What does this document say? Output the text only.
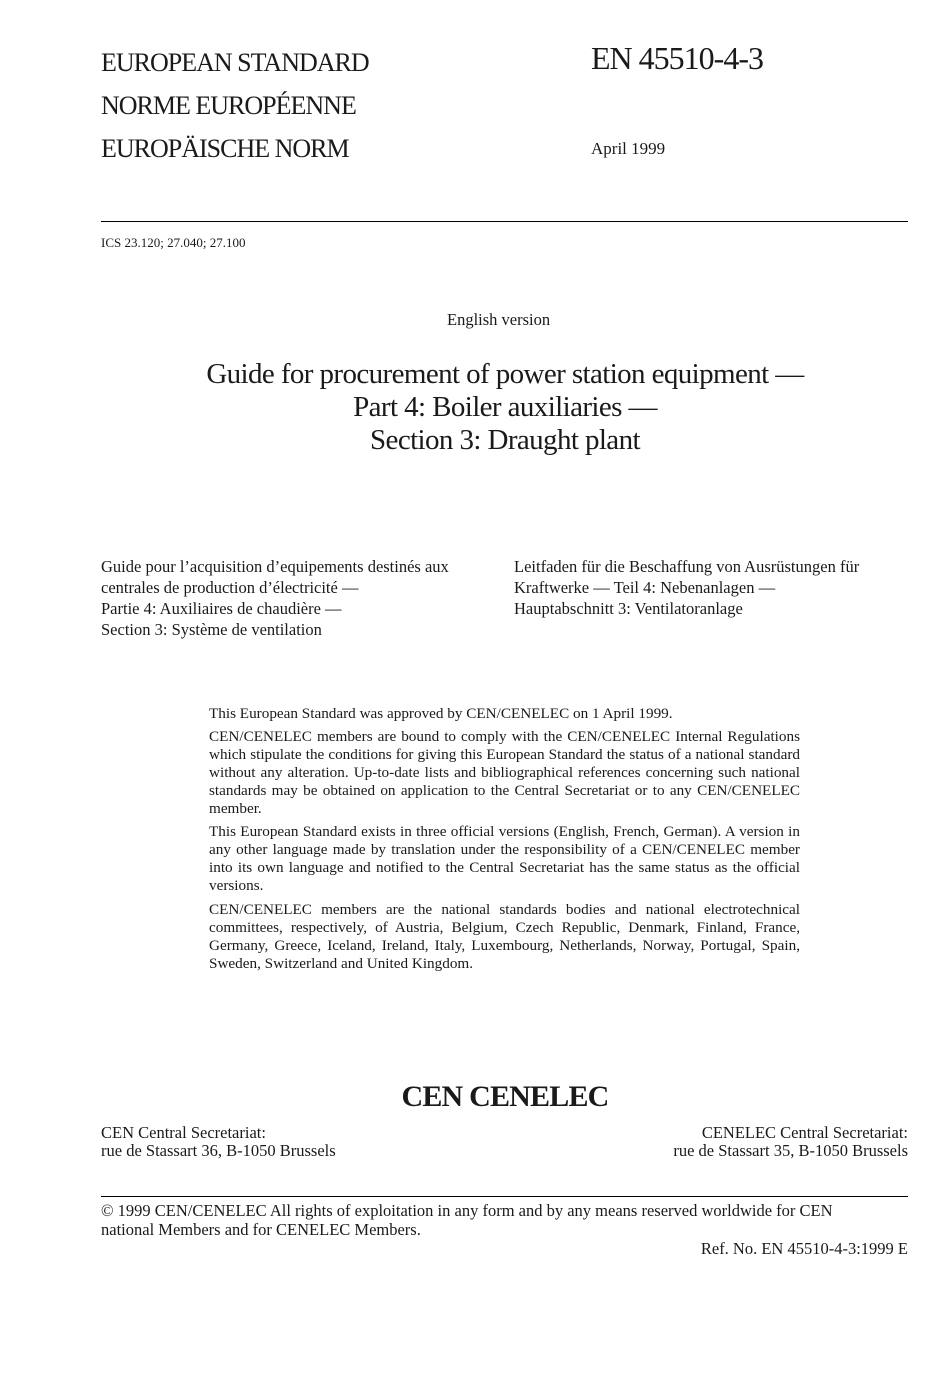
EUROPEAN STANDARD
NORME EUROPÉENNE
EUROPÄISCHE NORM
EN 45510-4-3
April 1999
ICS 23.120; 27.040; 27.100
English version
Guide for procurement of power station equipment —
Part 4: Boiler auxiliaries —
Section 3: Draught plant
Guide pour l’acquisition d’equipements destinés aux
centrales de production d’électricité —
Partie 4: Auxiliaires de chaudière —
Section 3: Système de ventilation
Leitfaden für die Beschaffung von Ausrüstungen für
Kraftwerke — Teil 4: Nebenanlagen —
Hauptabschnitt 3: Ventilatoranlage
This European Standard was approved by CEN/CENELEC on 1 April 1999.
CEN/CENELEC members are bound to comply with the CEN/CENELEC Internal Regulations which stipulate the conditions for giving this European Standard the status of a national standard without any alteration. Up-to-date lists and bibliographical references concerning such national standards may be obtained on application to the Central Secretariat or to any CEN/CENELEC member.
This European Standard exists in three official versions (English, French, German). A version in any other language made by translation under the responsibility of a CEN/CENELEC member into its own language and notified to the Central Secretariat has the same status as the official versions.
CEN/CENELEC members are the national standards bodies and national electrotechnical committees, respectively, of Austria, Belgium, Czech Republic, Denmark, Finland, France, Germany, Greece, Iceland, Ireland, Italy, Luxembourg, Netherlands, Norway, Portugal, Spain, Sweden, Switzerland and United Kingdom.
CEN CENELEC
CEN Central Secretariat:
rue de Stassart 36, B-1050 Brussels
CENELEC Central Secretariat:
rue de Stassart 35, B-1050 Brussels
© 1999 CEN/CENELEC All rights of exploitation in any form and by any means reserved worldwide for CEN
national Members and for CENELEC Members.
Ref. No. EN 45510-4-3:1999 E
